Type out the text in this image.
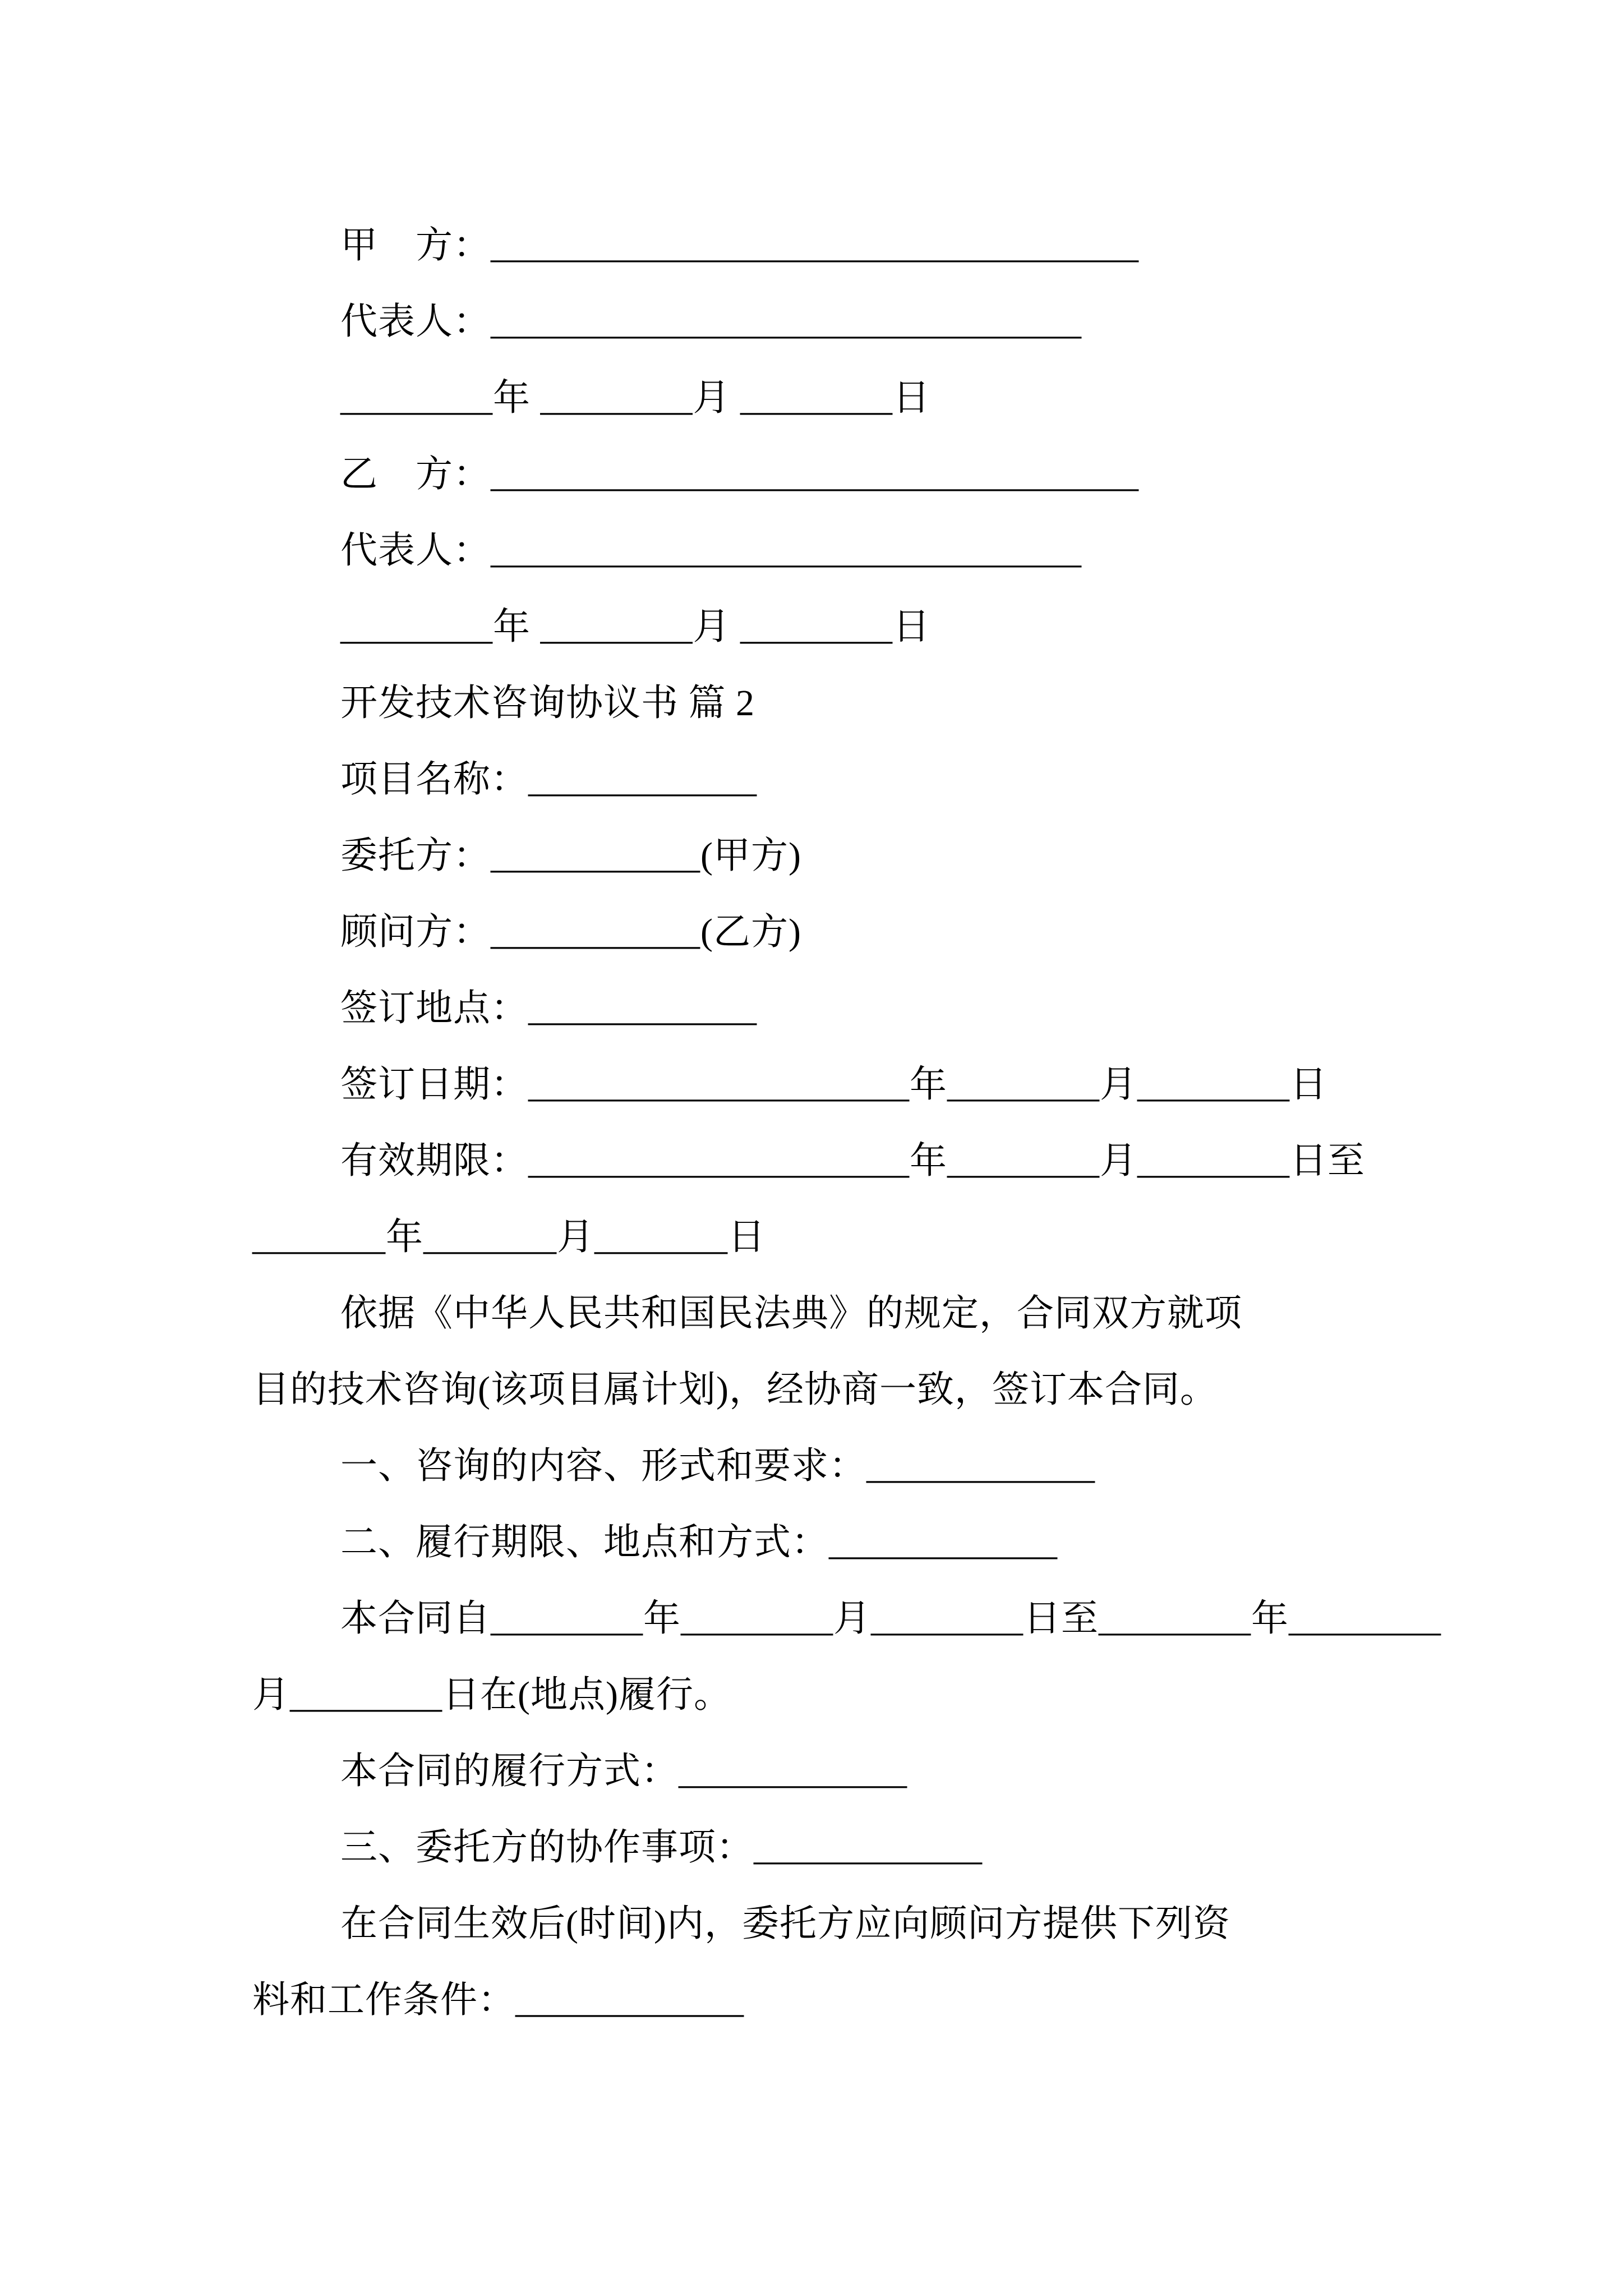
甲　方：__________________________________
代表人：_______________________________
________年 ________月 ________日
乙　方：__________________________________
代表人：_______________________________
________年 ________月 ________日
开发技术咨询协议书 篇 2
项目名称：____________
委托方：___________(甲方)
顾问方：___________(乙方)
签订地点：____________
签订日期：____________________年________月________日
有效期限：____________________年________月________日至
_______年_______月_______日
依据《中华人民共和国民法典》的规定，合同双方就项
目的技术咨询(该项目属计划)，经协商一致，签订本合同。
一、咨询的内容、形式和要求：____________
二、履行期限、地点和方式：____________
本合同自________年________月________日至________年________
月________日在(地点)履行。
本合同的履行方式：____________
三、委托方的协作事项：____________
在合同生效后(时间)内，委托方应向顾问方提供下列资
料和工作条件：____________
